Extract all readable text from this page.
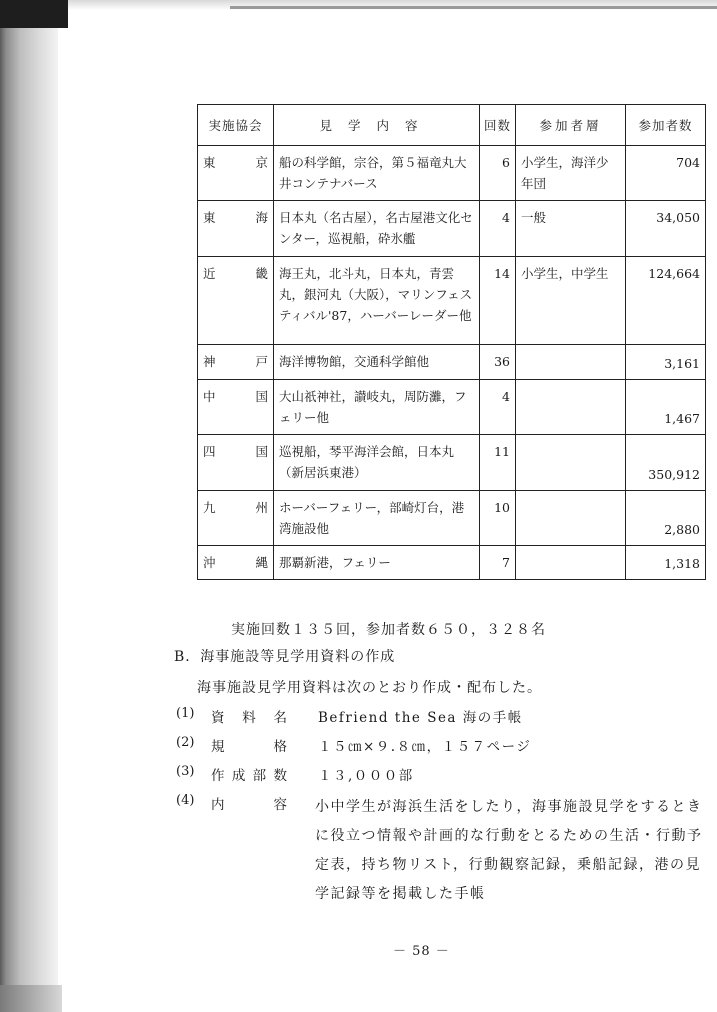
実施協会	見学内容	回数	参加者層	参加者数
東京	船の科学館，宗谷，第５福竜丸大井コンテナバース	6	小学生，海洋少年団	704
東海	日本丸（名古屋），名古屋港文化センター，巡視船，砕氷艦	4	一般	34,050
近畿	海王丸，北斗丸，日本丸，青雲丸，銀河丸（大阪），マリンフェスティバル'87，ハーバーレーダー他	14	小学生，中学生	124,664
神戸	海洋博物館，交通科学館他	36		3,161
中国	大山祇神社，讃岐丸，周防灘，フェリー他	4		1,467
四国	巡視船，琴平海洋会館，日本丸（新居浜東港）	11		350,912
九州	ホーバーフェリー，部崎灯台，港湾施設他	10		2,880
沖縄	那覇新港，フェリー	7		1,318
実施回数１３５回，参加者数６５０，３２８名
B．海事施設等見学用資料の作成
海事施設見学用資料は次のとおり作成・配布した。
(1) 資料名 Befriend the Sea 海の手帳
(2) 規格 １５㎝×９.８㎝，１５７ページ
(3) 作成部数 １３,０００部
(4) 内容 小中学生が海浜生活をしたり，海事施設見学をするときに役立つ情報や計画的な行動をとるための生活・行動予定表，持ち物リスト，行動観察記録，乗船記録，港の見学記録等を掲載した手帳
－ 58 －
